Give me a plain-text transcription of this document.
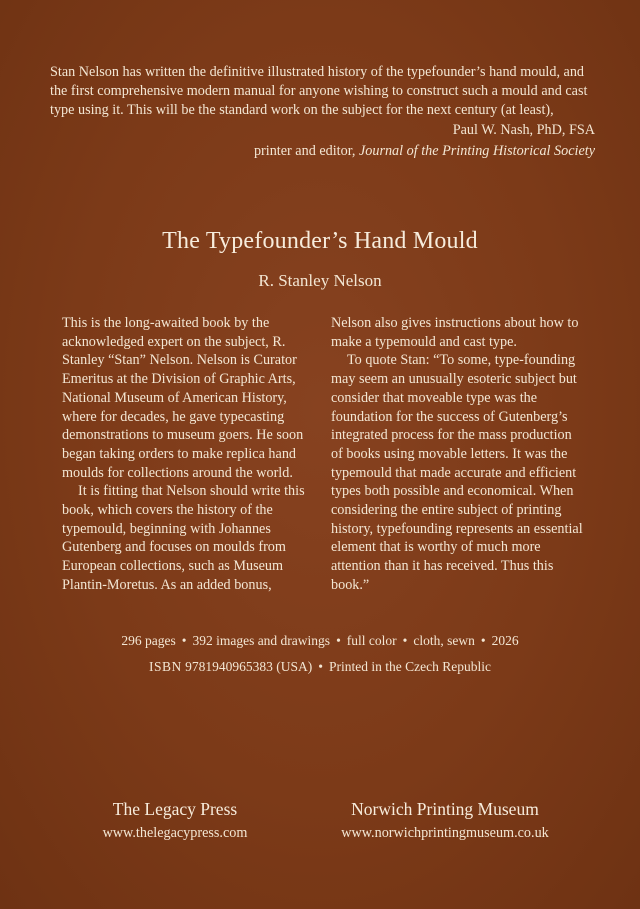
Stan Nelson has written the definitive illustrated history of the typefounder’s hand mould, and the first comprehensive modern manual for anyone wishing to construct such a mould and cast type using it. This will be the standard work on the subject for the next century (at least),
Paul W. Nash, PhD, FSA
printer and editor, Journal of the Printing Historical Society
The Typefounder’s Hand Mould
R. Stanley Nelson

This is the long-awaited book by the acknowledged expert on the subject, R. Stanley “Stan” Nelson. Nelson is Curator Emeritus at the Division of Graphic Arts, National Museum of American History, where for decades, he gave typecasting demonstrations to museum goers. He soon began taking orders to make replica hand moulds for collections around the world.

It is fitting that Nelson should write this book, which covers the history of the typemould, beginning with Johannes Gutenberg and focuses on moulds from European collections, such as Museum Plantin-Moretus. As an added bonus,

Nelson also gives instructions about how to make a typemould and cast type.

To quote Stan: “To some, type-founding may seem an unusually esoteric subject but consider that moveable type was the foundation for the success of Gutenberg’s integrated process for the mass production of books using movable letters. It was the typemould that made accurate and efficient types both possible and economical. When considering the entire subject of printing history, typefounding represents an essential element that is worthy of much more attention than it has received. Thus this book.”

296 pages • 392 images and drawings • full color • cloth, sewn • 2026
ISBN 9781940965383 (USA) • Printed in the Czech Republic
The Legacy Press
www.thelegacypress.com
Norwich Printing Museum
www.norwichprintingmuseum.co.uk
